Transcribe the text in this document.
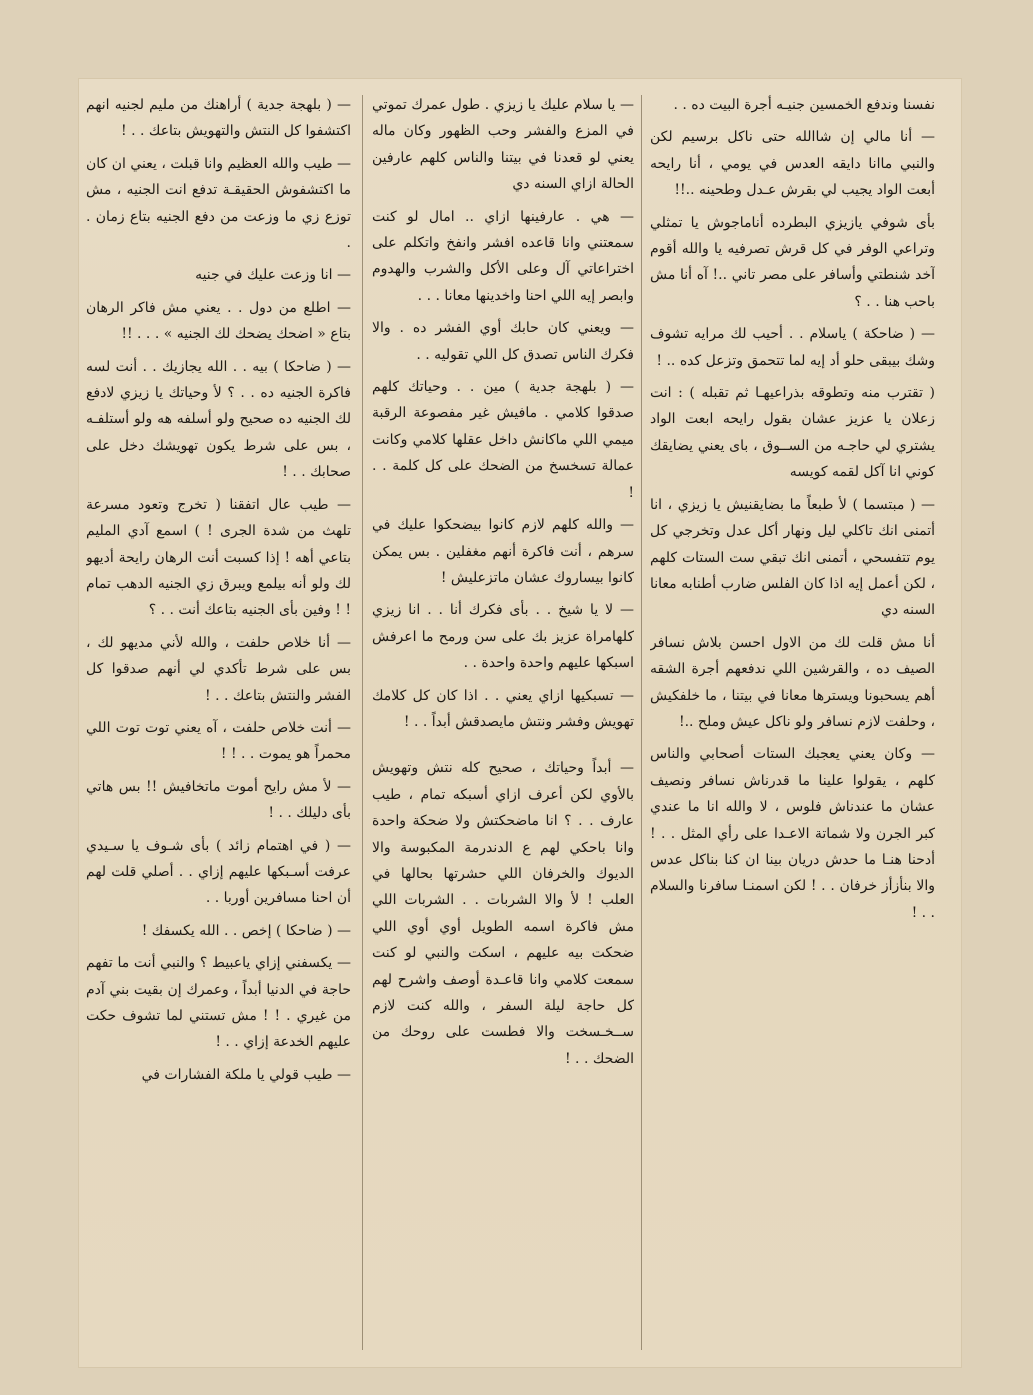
نفسنا وندفع الخمسين جنيـه أجرة البيت ده . .

— أنا مالي إن شاالله حتى ناكل برسيم لكن والنبي ماانا دايقه العدس في يومي ، أنا رايحه أبعت الواد يجيب لي بقرش عـدل وطحينه ..!!

بأى شوفي يازيزي البطرده أناماجوش يا تمثلي وتراعي الوفر في كل قرش تصرفيه يا والله أقوم آخد شنطتي وأسافر على مصر تاني ..! آه أنا مش باحب هنا . . ؟

— ( ضاحكة ) ياسلام . . أحيب لك مرايه تشوف وشك بيبقى حلو أد إيه لما تتحمق وتزعل كده .. !

( تقترب منه وتطوقه بذراعيهـا ثم تقبله ) : انت زعلان يا عزيز عشان بقول رايحه ابعت الواد يشتري لي حاجـه من الســوق ، باى يعني يضايقك كوني انا آكل لقمه كويسه

— ( مبتسما ) لأ طبعاً ما بضايقنيش يا زيزي ، انا أتمنى انك تاكلي ليل ونهار أكل عدل وتخرجي كل يوم تتفسحي ، أتمنى انك تبقي ست الستات كلهم ، لكن أعمل إيه اذا كان الفلس ضارب أطنابه معانا السنه دي

أنا مش قلت لك من الاول احسن بلاش نسافر الصيف ده ، والقرشين اللي ندفعهم أجرة الشقه أهم يسحبونا ويسترها معانا في بيتنا ، ما خلفكيش ، وحلفت لازم نسافر ولو ناكل عيش وملح ..!

— وكان يعني يعجبك الستات أصحابي والناس كلهم ، يقولوا علينا ما قدرناش نسافر ونصيف عشان ما عندناش فلوس ، لا والله انا ما عندي كبر الجرن ولا شماتة الاعـدا على رأي المثل . . ! أدحنا هنـا ما حدش دريان بينا ان كنا بناكل عدس والا بنأزأز خرفان . . ! لكن اسمنـا سافرنا والسلام . . !

— يا سلام عليك يا زيزي . طول عمرك تموتي في المزع والفشر وحب الظهور وكان ماله يعني لو قعدنا في بيتنا والناس كلهم عارفين الحالة ازاي السنه دي

— هي . عارفينها ازاي .. امال لو كنت سمعتني وانا قاعده افشر وانفخ واتكلم على اختراعاتي آل وعلى الأكل والشرب والهدوم وابصر إيه اللي احنا واخدينها معانا . . .

— ويعني كان حابك أوي الفشر ده . والا فكرك الناس تصدق كل اللي تقوليه . .

— ( بلهجة جدية ) مين . . وحياتك كلهم صدقوا كلامي . مافيش غير مفصوعة الرقبة ميمي اللي ماكانش داخل عقلها كلامي وكانت عمالة تسخسخ من الضحك على كل كلمة . . !

— والله كلهم لازم كانوا بيضحكوا عليك في سرهم ، أنت فاكرة أنهم مغفلين . بس يمكن كانوا بيساروك عشان ماتزعليش !

— لا يا شيخ . . بأى فكرك أنا . . انا زيزي كلهامراة عزيز بك على سن ورمح ما اعرفش اسبكها عليهم واحدة واحدة . .

— تسبكيها ازاي يعني . . اذا كان كل كلامك تهويش وفشر ونتش مايصدقش أبداً . . !

— أبداً وحياتك ، صحيح كله نتش وتهويش بالأوي لكن أعرف ازاي أسبكه تمام ، طيب عارف . . ؟ انا ماضحكتش ولا ضحكة واحدة وانا باحكي لهم ع الدندرمة المكبوسة والا الديوك والخرفان اللي حشرتها بحالها في العلب ! لأ والا الشربات . . الشربات اللي مش فاكرة اسمه الطويل أوي أوي اللي ضحكت بيه عليهم ، اسكت والنبي لو كنت سمعت كلامي وانا قاعـدة أوصف واشرح لهم كل حاجة ليلة السفر ، والله كنت لازم ســخـسخت والا فطست على روحك من الضحك . . !

— ( بلهجة جدية ) أراهنك من مليم لجنيه انهم اكتشفوا كل النتش والتهويش بتاعك . . !

— طيب والله العظيم وانا قبلت ، يعني ان كان ما اكتشفوش الحقيقـة تدفع انت الجنيه ، مش توزع زي ما وزعت من دفع الجنيه بتاع زمان . .

— انا وزعت عليك في جنيه

— اطلع من دول . . يعني مش فاكر الرهان بتاع « اضحك يضحك لك الجنيه » . . . !!

— ( ضاحكا ) بيه . . الله يجازيك . . أنت لسه فاكرة الجنيه ده . . ؟ لأ وحياتك يا زيزي لادفع لك الجنيه ده صحيح ولو أسلفه هه ولو أستلفـه ، بس على شرط يكون تهويشك دخل على صحابك . . !

— طيب عال اتفقنا ( تخرج وتعود مسرعة تلهث من شدة الجرى ! ) اسمع آدي المليم بتاعي أهه ! إذا كسبت أنت الرهان رايحة أديهو لك ولو أنه بيلمع ويبرق زي الجنيه الدهب تمام ! ! وفين بأى الجنيه بتاعك أنت . . ؟

— أنا خلاص حلفت ، والله لأني مديهو لك ، بس على شرط تأكدي لي أنهم صدقوا كل الفشر والنتش بتاعك . . !

— أنت خلاص حلفت ، آه يعني توت توت اللي محمراً هو يموت . . ! !

— لأ مش رايح أموت ماتخافيش !! بس هاتي بأى دليلك . . !

— ( في اهتمام زائد ) بأى شـوف يا سـيدي عرفت أسـبكها عليهم إزاي . . أصلي قلت لهم أن احنا مسافرين أوربا . .

— ( ضاحكا ) إخص . . الله يكسفك !

— يكسفني إزاي ياعبيط ؟ والنبي أنت ما تفهم حاجة في الدنيا أبداً ، وعمرك إن بقيت بني آدم من غيري . ! ! مش تستني لما تشوف حكت عليهم الخدعة إزاي . . !

— طيب قولي يا ملكة الفشارات في
